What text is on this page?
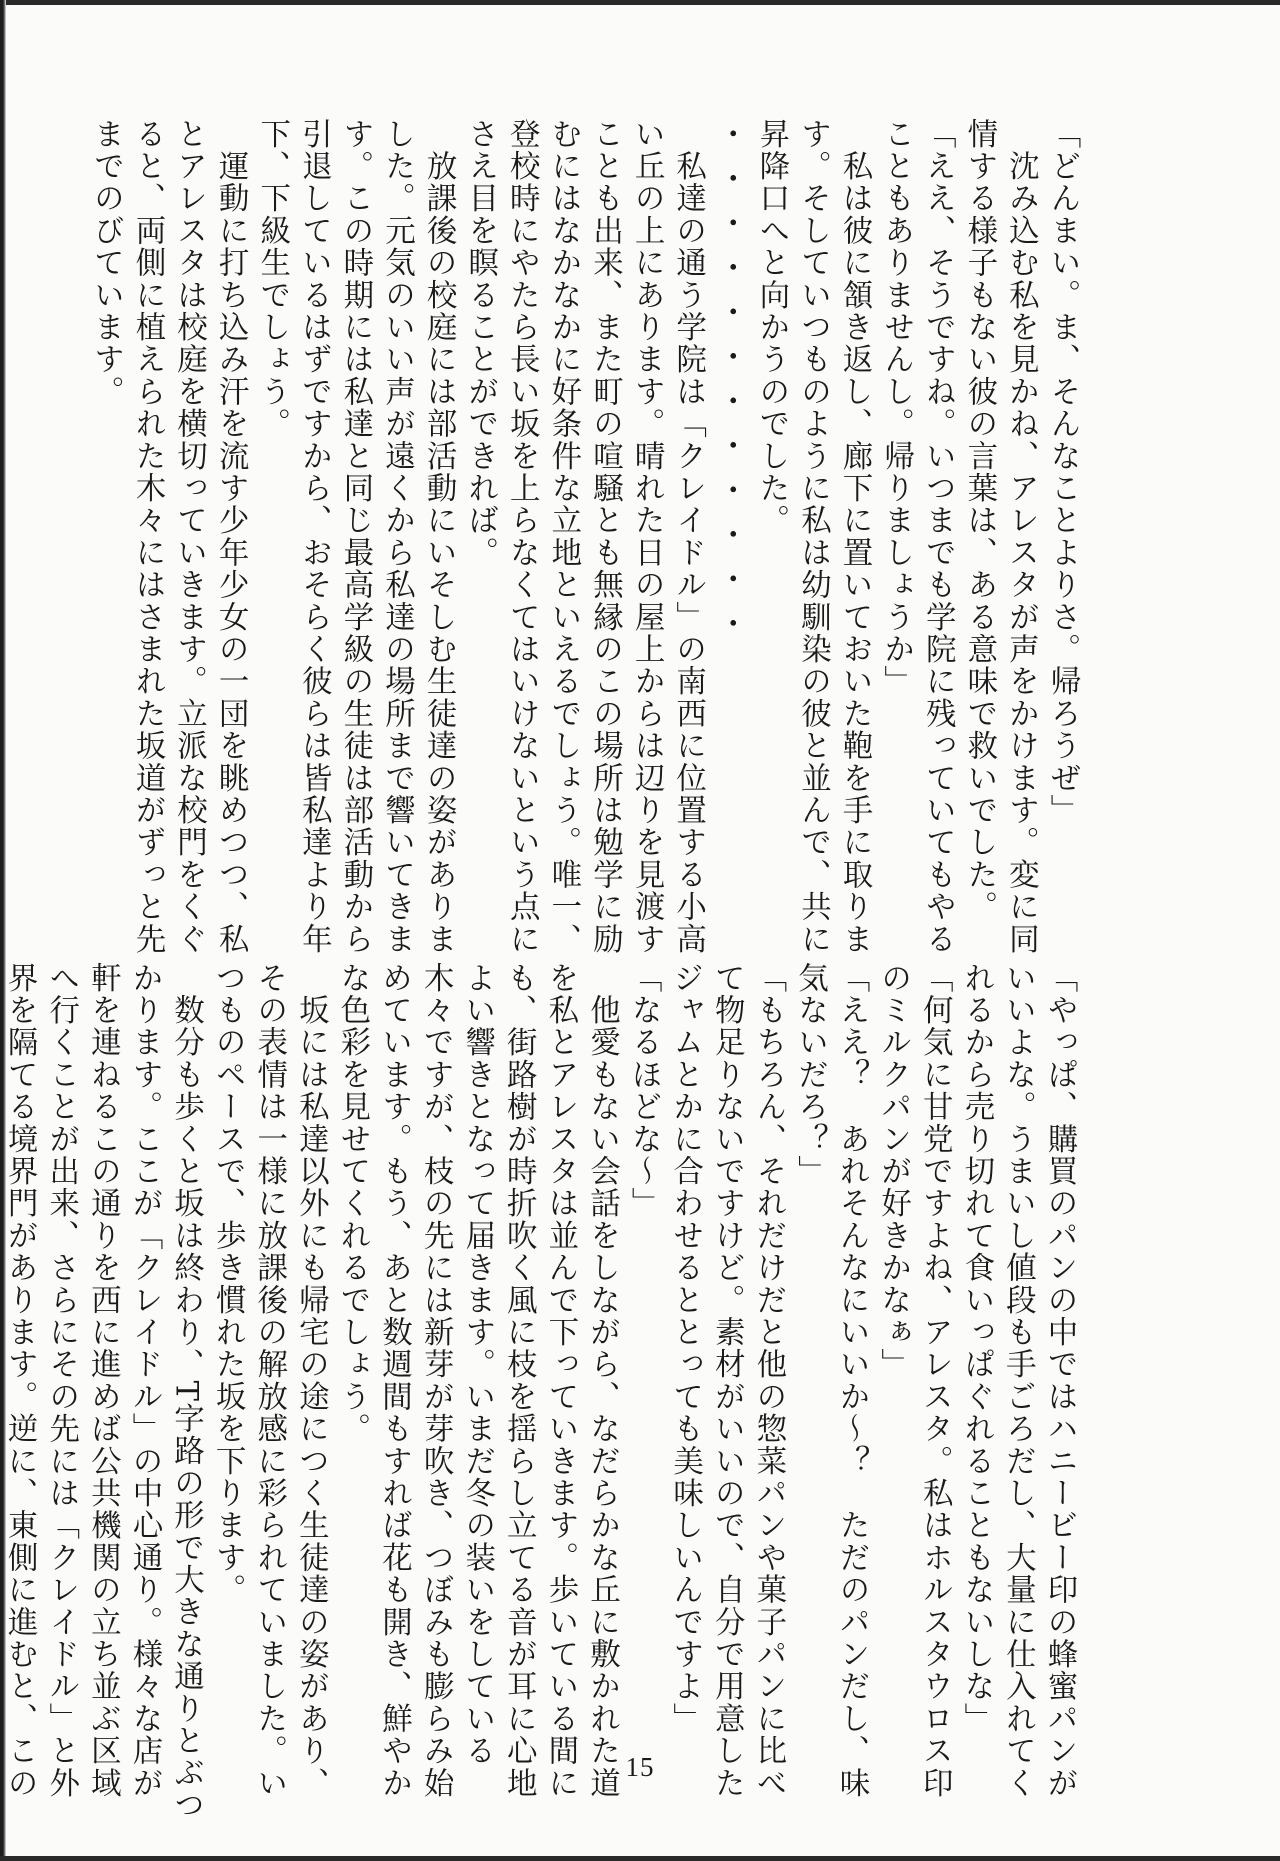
「どんまい。ま、そんなことよりさ。帰ろうぜ」

　沈み込む私を見かね、アレスタが声をかけます。変に同

情する様子もない彼の言葉は、ある意味で救いでした。

「ええ、そうですね。いつまでも学院に残っていてもやる

こともありませんし。帰りましょうか」

　私は彼に頷き返し、廊下に置いておいた鞄を手に取りま

す。そしていつものように私は幼馴染の彼と並んで、共に

昇降口へと向かうのでした。

・・・・・・・・・・・・

　私達の通う学院は「クレイドル」の南西に位置する小高

い丘の上にあります。晴れた日の屋上からは辺りを見渡す

ことも出来、また町の喧騒とも無縁のこの場所は勉学に励

むにはなかなかに好条件な立地といえるでしょう。唯一、

登校時にやたら長い坂を上らなくてはいけないという点に

さえ目を瞑ることができれば。

　放課後の校庭には部活動にいそしむ生徒達の姿がありま

した。元気のいい声が遠くから私達の場所まで響いてきま

す。この時期には私達と同じ最高学級の生徒は部活動から

引退しているはずですから、おそらく彼らは皆私達より年

下、下級生でしょう。

　運動に打ち込み汗を流す少年少女の一団を眺めつつ、私

とアレスタは校庭を横切っていきます。立派な校門をくぐ

ると、両側に植えられた木々にはさまれた坂道がずっと先

までのびています。

「やっぱ、購買のパンの中ではハニービー印の蜂蜜パンが

いいよな。うまいし値段も手ごろだし、大量に仕入れてく

れるから売り切れて食いっぱぐれることもないしな」

「何気に甘党ですよね、アレスタ。私はホルスタウロス印

のミルクパンが好きかなぁ」

「ええ？　あれそんなにいいか～？　ただのパンだし、味

気ないだろ？」

「もちろん、それだけだと他の惣菜パンや菓子パンに比べ

て物足りないですけど。素材がいいので、自分で用意した

ジャムとかに合わせるととっても美味しいんですよ」

「なるほどな～」

　他愛もない会話をしながら、なだらかな丘に敷かれた道

を私とアレスタは並んで下っていきます。歩いている間に

も、街路樹が時折吹く風に枝を揺らし立てる音が耳に心地

よい響きとなって届きます。いまだ冬の装いをしている

木々ですが、枝の先には新芽が芽吹き、つぼみも膨らみ始

めています。もう、あと数週間もすれば花も開き、鮮やか

な色彩を見せてくれるでしょう。

　坂には私達以外にも帰宅の途につく生徒達の姿があり、

その表情は一様に放課後の解放感に彩られていました。い

つものペースで、歩き慣れた坂を下ります。

　数分も歩くと坂は終わり、T字路の形で大きな通りとぶつ

かります。ここが「クレイドル」の中心通り。様々な店が

軒を連ねるこの通りを西に進めば公共機関の立ち並ぶ区域

へ行くことが出来、さらにその先には「クレイドル」と外

界を隔てる境界門があります。逆に、東側に進むと、この	15
